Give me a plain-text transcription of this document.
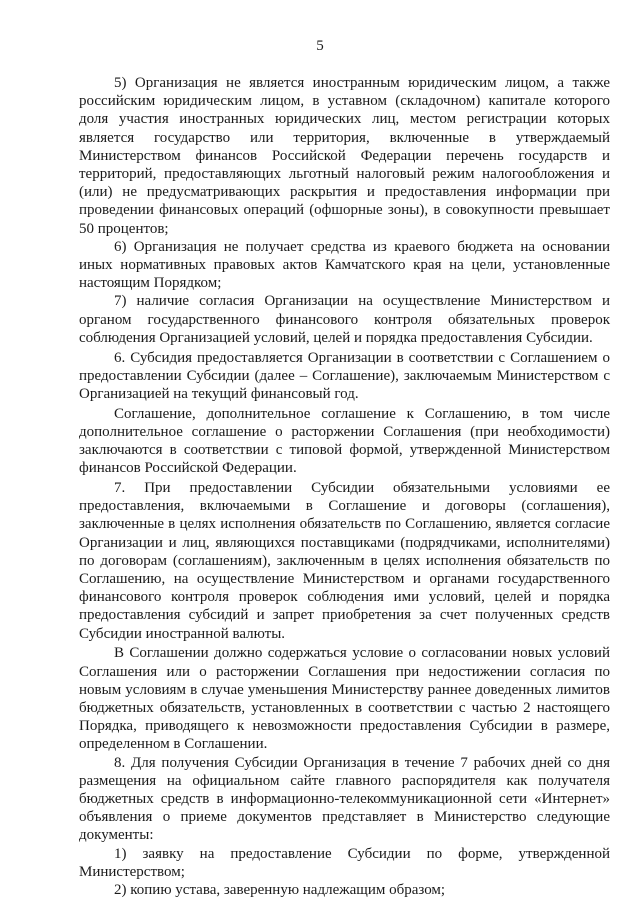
5

5) Организация не является иностранным юридическим лицом, а также российским юридическим лицом, в уставном (складочном) капитале которого доля участия иностранных юридических лиц, местом регистрации которых является государство или территория, включенные в утверждаемый Министерством финансов Российской Федерации перечень государств и территорий, предоставляющих льготный налоговый режим налогообложения и (или) не предусматривающих раскрытия и предоставления информации при проведении финансовых операций (офшорные зоны), в совокупности превышает 50 процентов;

6) Организация не получает средства из краевого бюджета на основании иных нормативных правовых актов Камчатского края на цели, установленные настоящим Порядком;

7) наличие согласия Организации на осуществление Министерством и органом государственного финансового контроля обязательных проверок соблюдения Организацией условий, целей и порядка предоставления Субсидии.

6. Субсидия предоставляется Организации в соответствии с Соглашением о предоставлении Субсидии (далее – Соглашение), заключаемым Министерством с Организацией на текущий финансовый год.

Соглашение, дополнительное соглашение к Соглашению, в том числе дополнительное соглашение о расторжении Соглашения (при необходимости) заключаются в соответствии с типовой формой, утвержденной Министерством финансов Российской Федерации.

7. При предоставлении Субсидии обязательными условиями ее предоставления, включаемыми в Соглашение и договоры (соглашения), заключенные в целях исполнения обязательств по Соглашению, является согласие Организации и лиц, являющихся поставщиками (подрядчиками, исполнителями) по договорам (соглашениям), заключенным в целях исполнения обязательств по Соглашению, на осуществление Министерством и органами государственного финансового контроля проверок соблюдения ими условий, целей и порядка предоставления субсидий и запрет приобретения за счет полученных средств Субсидии иностранной валюты.

В Соглашении должно содержаться условие о согласовании новых условий Соглашения или о расторжении Соглашения при недостижении согласия по новым условиям в случае уменьшения Министерству раннее доведенных лимитов бюджетных обязательств, установленных в соответствии с частью 2 настоящего Порядка, приводящего к невозможности предоставления Субсидии в размере, определенном в Соглашении.

8. Для получения Субсидии Организация в течение 7 рабочих дней со дня размещения на официальном сайте главного распорядителя как получателя бюджетных средств в информационно-телекоммуникационной сети «Интернет» объявления о приеме документов представляет в Министерство следующие документы:

1) заявку на предоставление Субсидии по форме, утвержденной Министерством;

2) копию устава, заверенную надлежащим образом;
